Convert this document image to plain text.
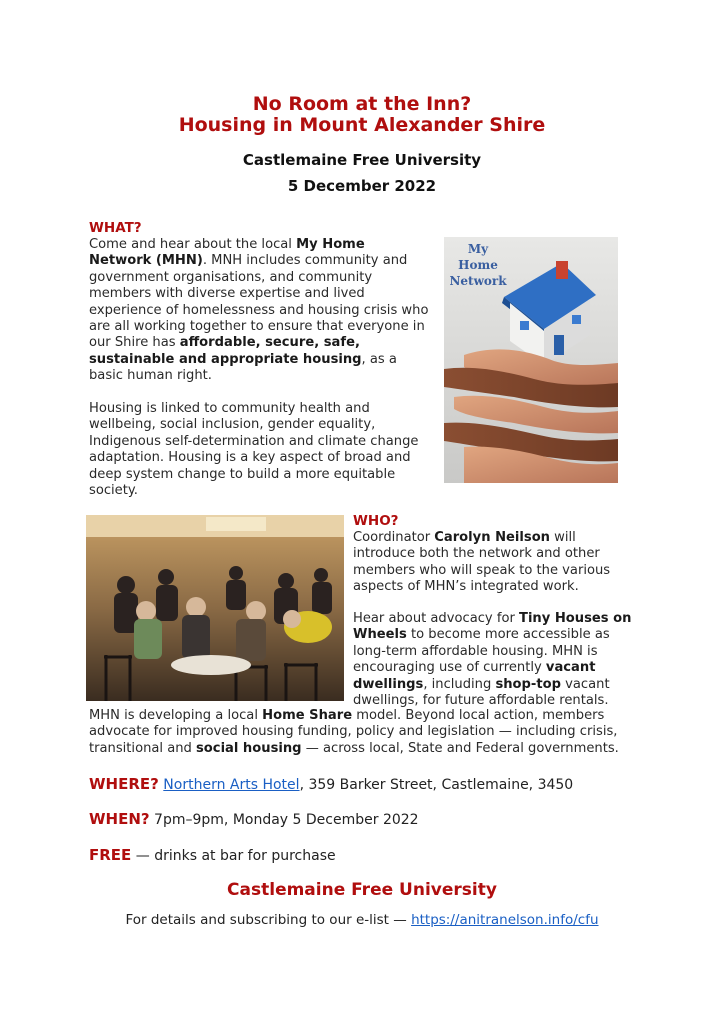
No Room at the Inn?
Housing in Mount Alexander Shire
Castlemaine Free University
5 December 2022
WHAT?
Come and hear about the local My Home Network (MHN). MNH includes community and government organisations, and community members with diverse expertise and lived experience of homelessness and housing crisis who are all working together to ensure that everyone in our Shire has affordable, secure, safe, sustainable and appropriate housing, as a basic human right.
Housing is linked to community health and wellbeing, social inclusion, gender equality, Indigenous self-determination and climate change adaptation. Housing is a key aspect of broad and deep system change to build a more equitable society.
My
Home
Network
WHO?
Coordinator Carolyn Neilson will introduce both the network and other members who will speak to the various aspects of MHN’s integrated work.
Hear about advocacy for Tiny Houses on Wheels to become more accessible as long-term affordable housing. MHN is encouraging use of currently vacant dwellings, including shop-top vacant dwellings, for future affordable rentals.
MHN is developing a local Home Share model. Beyond local action, members advocate for improved housing funding, policy and legislation — including crisis, transitional and social housing — across local, State and Federal governments.
WHERE? Northern Arts Hotel, 359 Barker Street, Castlemaine, 3450
WHEN? 7pm–9pm, Monday 5 December 2022
FREE — drinks at bar for purchase
Castlemaine Free University
For details and subscribing to our e-list — https://anitranelson.info/cfu
